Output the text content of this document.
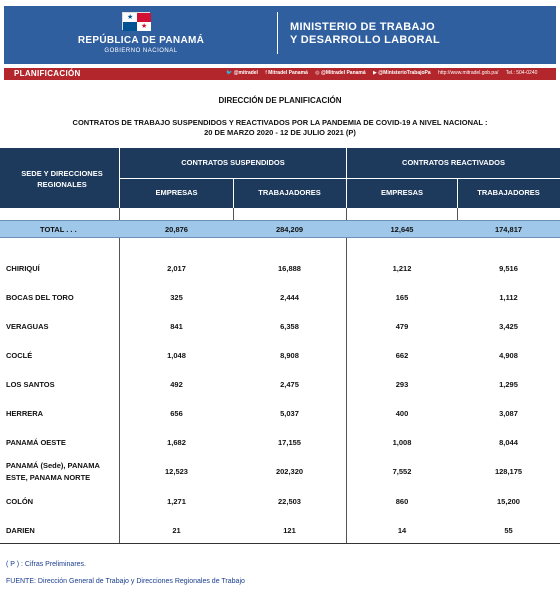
★
★
REPÚBLICA DE PANAMÁ
GOBIERNO NACIONAL
MINISTERIO DE TRABAJO
Y DESARROLLO LABORAL
PLANIFICACIÓN	🐦 @mitradel f Mitradel Panamá ◎ @Mitradel Panamá ▶ @MinisterioTrabajoPa http://www.mitradel.gob.pa/ Tel.: 504-0240
DIRECCIÓN DE PLANIFICACIÓN
CONTRATOS DE TRABAJO SUSPENDIDOS Y REACTIVADOS POR LA PANDEMIA DE COVID-19 A NIVEL NACIONAL :
20 DE MARZO 2020 - 12 DE JULIO 2021 (P)
SEDE Y DIRECCIONES REGIONALES
CONTRATOS SUSPENDIDOS	CONTRATOS REACTIVADOS
EMPRESAS	TRABAJADORES	EMPRESAS	TRABAJADORES
TOTAL . . .	20,876	284,209	12,645	174,817
CHIRIQUÍ	2,017	16,888	1,212	9,516
BOCAS DEL TORO	325	2,444	165	1,112
VERAGUAS	841	6,358	479	3,425
COCLÉ	1,048	8,908	662	4,908
LOS SANTOS	492	2,475	293	1,295
HERRERA	656	5,037	400	3,087
PANAMÁ OESTE	1,682	17,155	1,008	8,044
PANAMÁ (Sede), PANAMA
ESTE, PANAMA NORTE
12,523	202,320	7,552	128,175
COLÓN	1,271	22,503	860	15,200
DARIEN	21	121	14	55
( P ) : Cifras Preliminares.
FUENTE: Dirección General de Trabajo y Direcciones Regionales de Trabajo
